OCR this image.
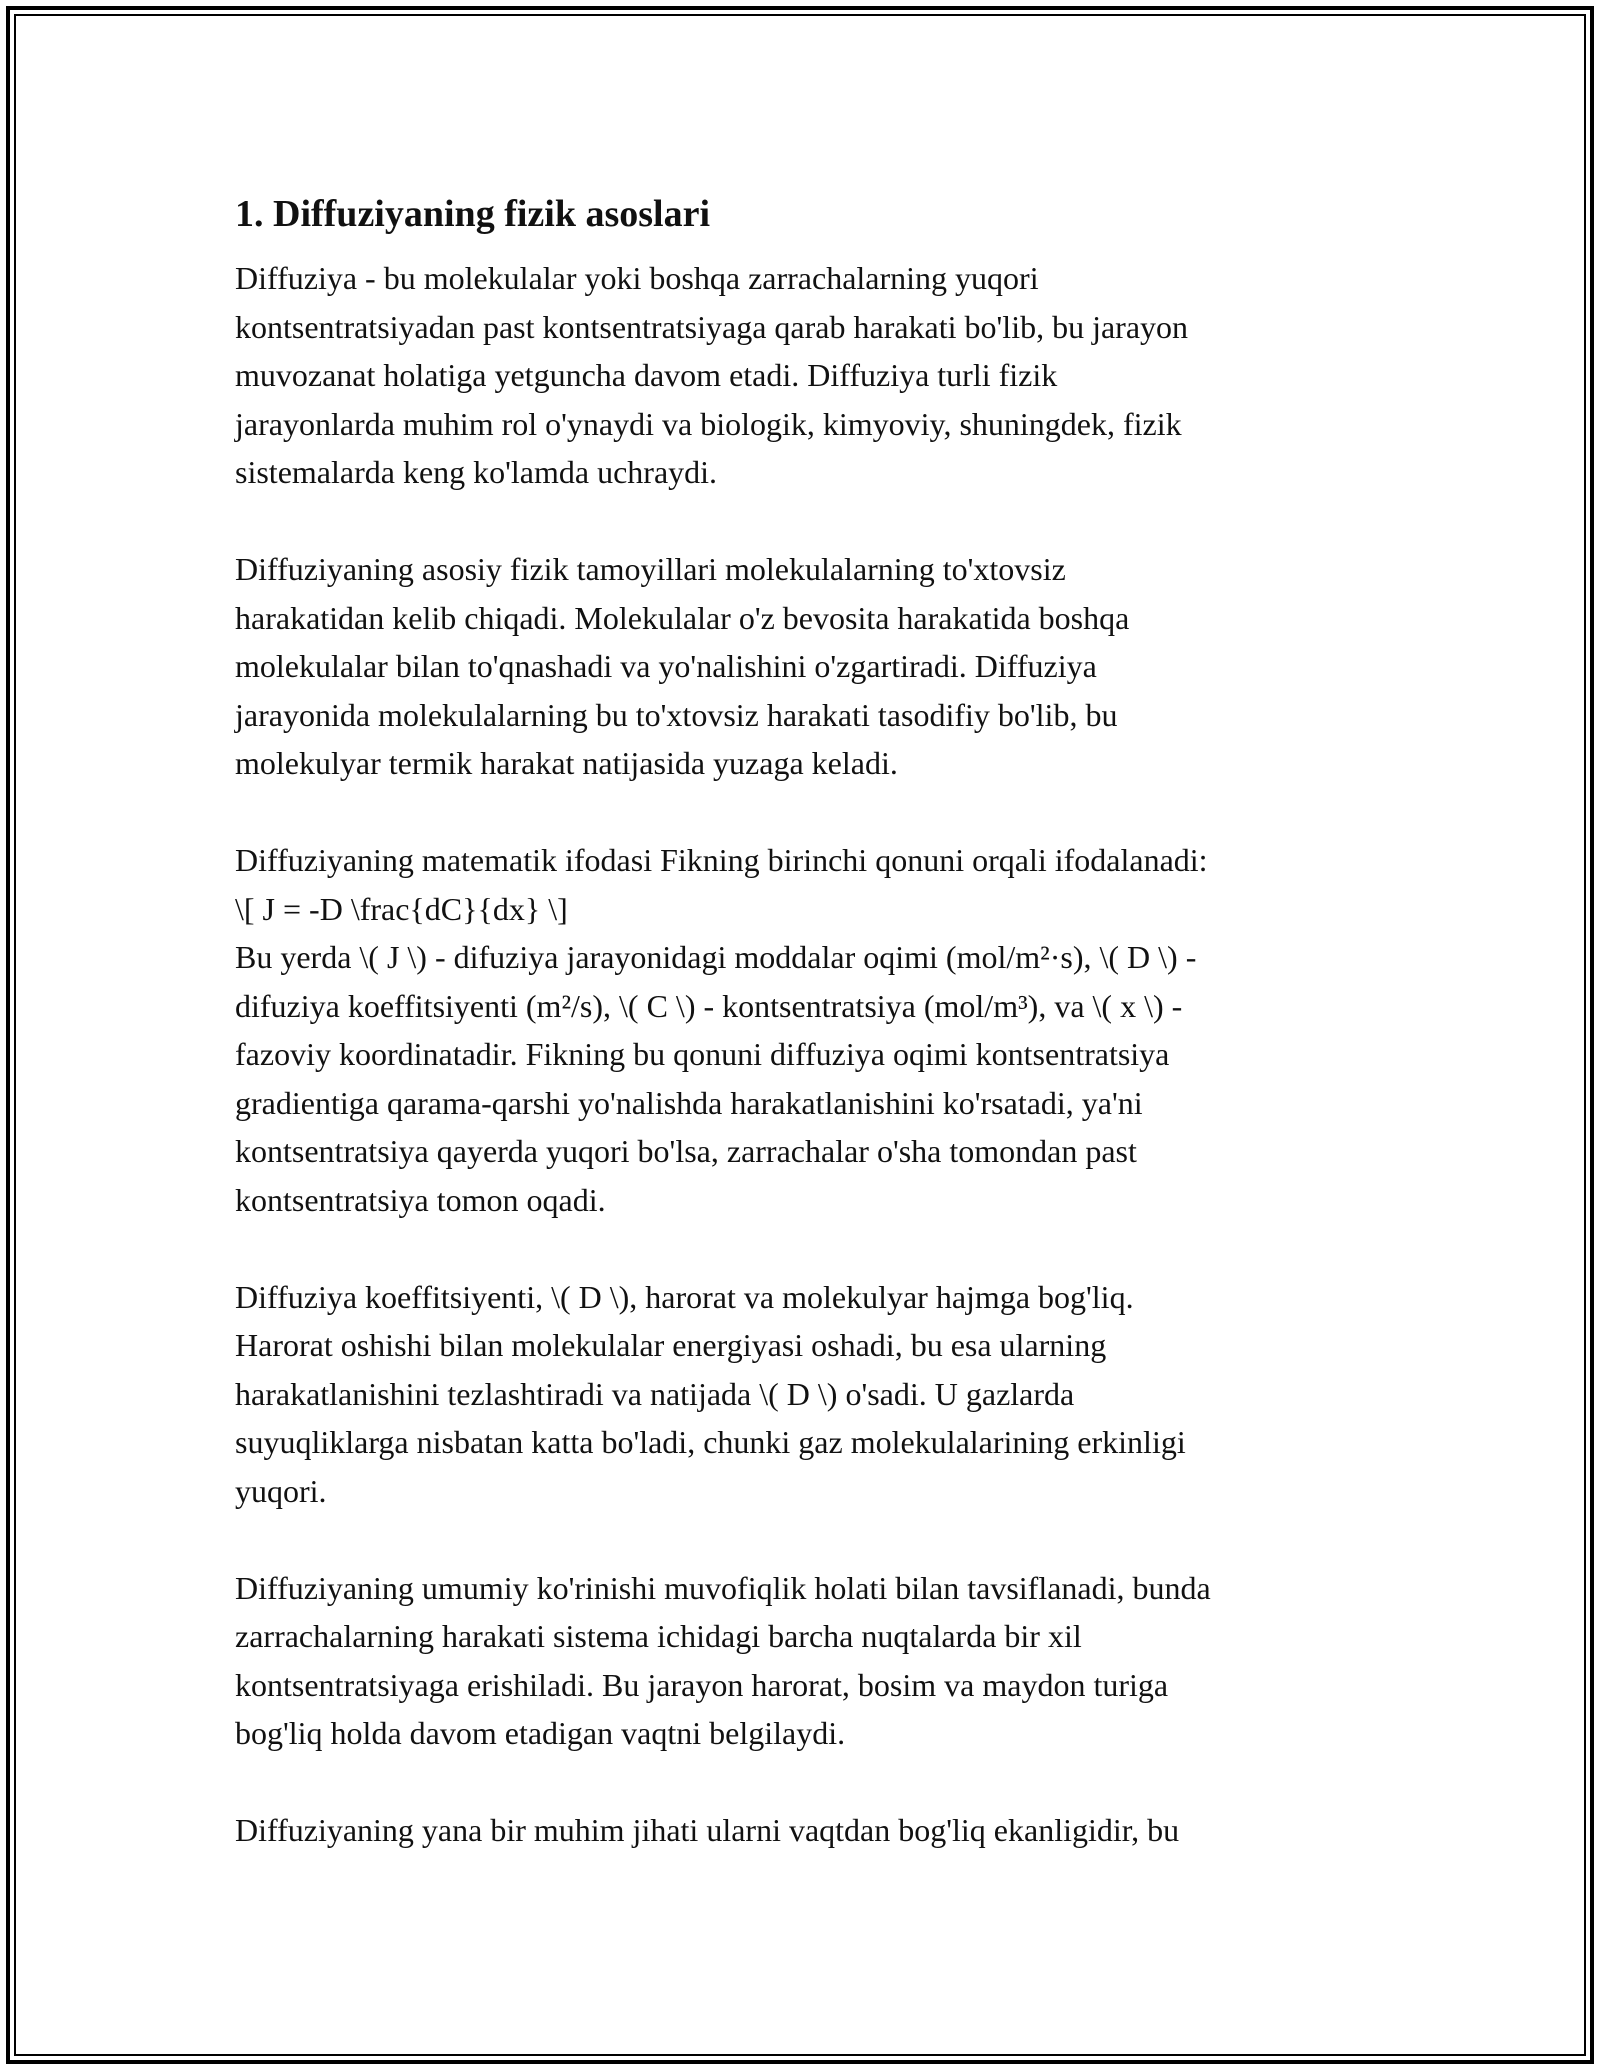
1. Diffuziyaning fizik asoslari
Diffuziya - bu molekulalar yoki boshqa zarrachalarning yuqori
kontsentratsiyadan past kontsentratsiyaga qarab harakati bo'lib, bu jarayon
muvozanat holatiga yetguncha davom etadi. Diffuziya turli fizik
jarayonlarda muhim rol o'ynaydi va biologik, kimyoviy, shuningdek, fizik
sistemalarda keng ko'lamda uchraydi.
Diffuziyaning asosiy fizik tamoyillari molekulalarning to'xtovsiz
harakatidan kelib chiqadi. Molekulalar o'z bevosita harakatida boshqa
molekulalar bilan to'qnashadi va yo'nalishini o'zgartiradi. Diffuziya
jarayonida molekulalarning bu to'xtovsiz harakati tasodifiy bo'lib, bu
molekulyar termik harakat natijasida yuzaga keladi.
Diffuziyaning matematik ifodasi Fikning birinchi qonuni orqali ifodalanadi:
\[ J = -D \frac{dC}{dx} \]
Bu yerda \( J \) - difuziya jarayonidagi moddalar oqimi (mol/m²·s), \( D \) -
difuziya koeffitsiyenti (m²/s), \( C \) - kontsentratsiya (mol/m³), va \( x \) -
fazoviy koordinatadir. Fikning bu qonuni diffuziya oqimi kontsentratsiya
gradientiga qarama-qarshi yo'nalishda harakatlanishini ko'rsatadi, ya'ni
kontsentratsiya qayerda yuqori bo'lsa, zarrachalar o'sha tomondan past
kontsentratsiya tomon oqadi.
Diffuziya koeffitsiyenti, \( D \), harorat va molekulyar hajmga bog'liq.
Harorat oshishi bilan molekulalar energiyasi oshadi, bu esa ularning
harakatlanishini tezlashtiradi va natijada \( D \) o'sadi. U gazlarda
suyuqliklarga nisbatan katta bo'ladi, chunki gaz molekulalarining erkinligi
yuqori.
Diffuziyaning umumiy ko'rinishi muvofiqlik holati bilan tavsiflanadi, bunda
zarrachalarning harakati sistema ichidagi barcha nuqtalarda bir xil
kontsentratsiyaga erishiladi. Bu jarayon harorat, bosim va maydon turiga
bog'liq holda davom etadigan vaqtni belgilaydi.
Diffuziyaning yana bir muhim jihati ularni vaqtdan bog'liq ekanligidir, bu
